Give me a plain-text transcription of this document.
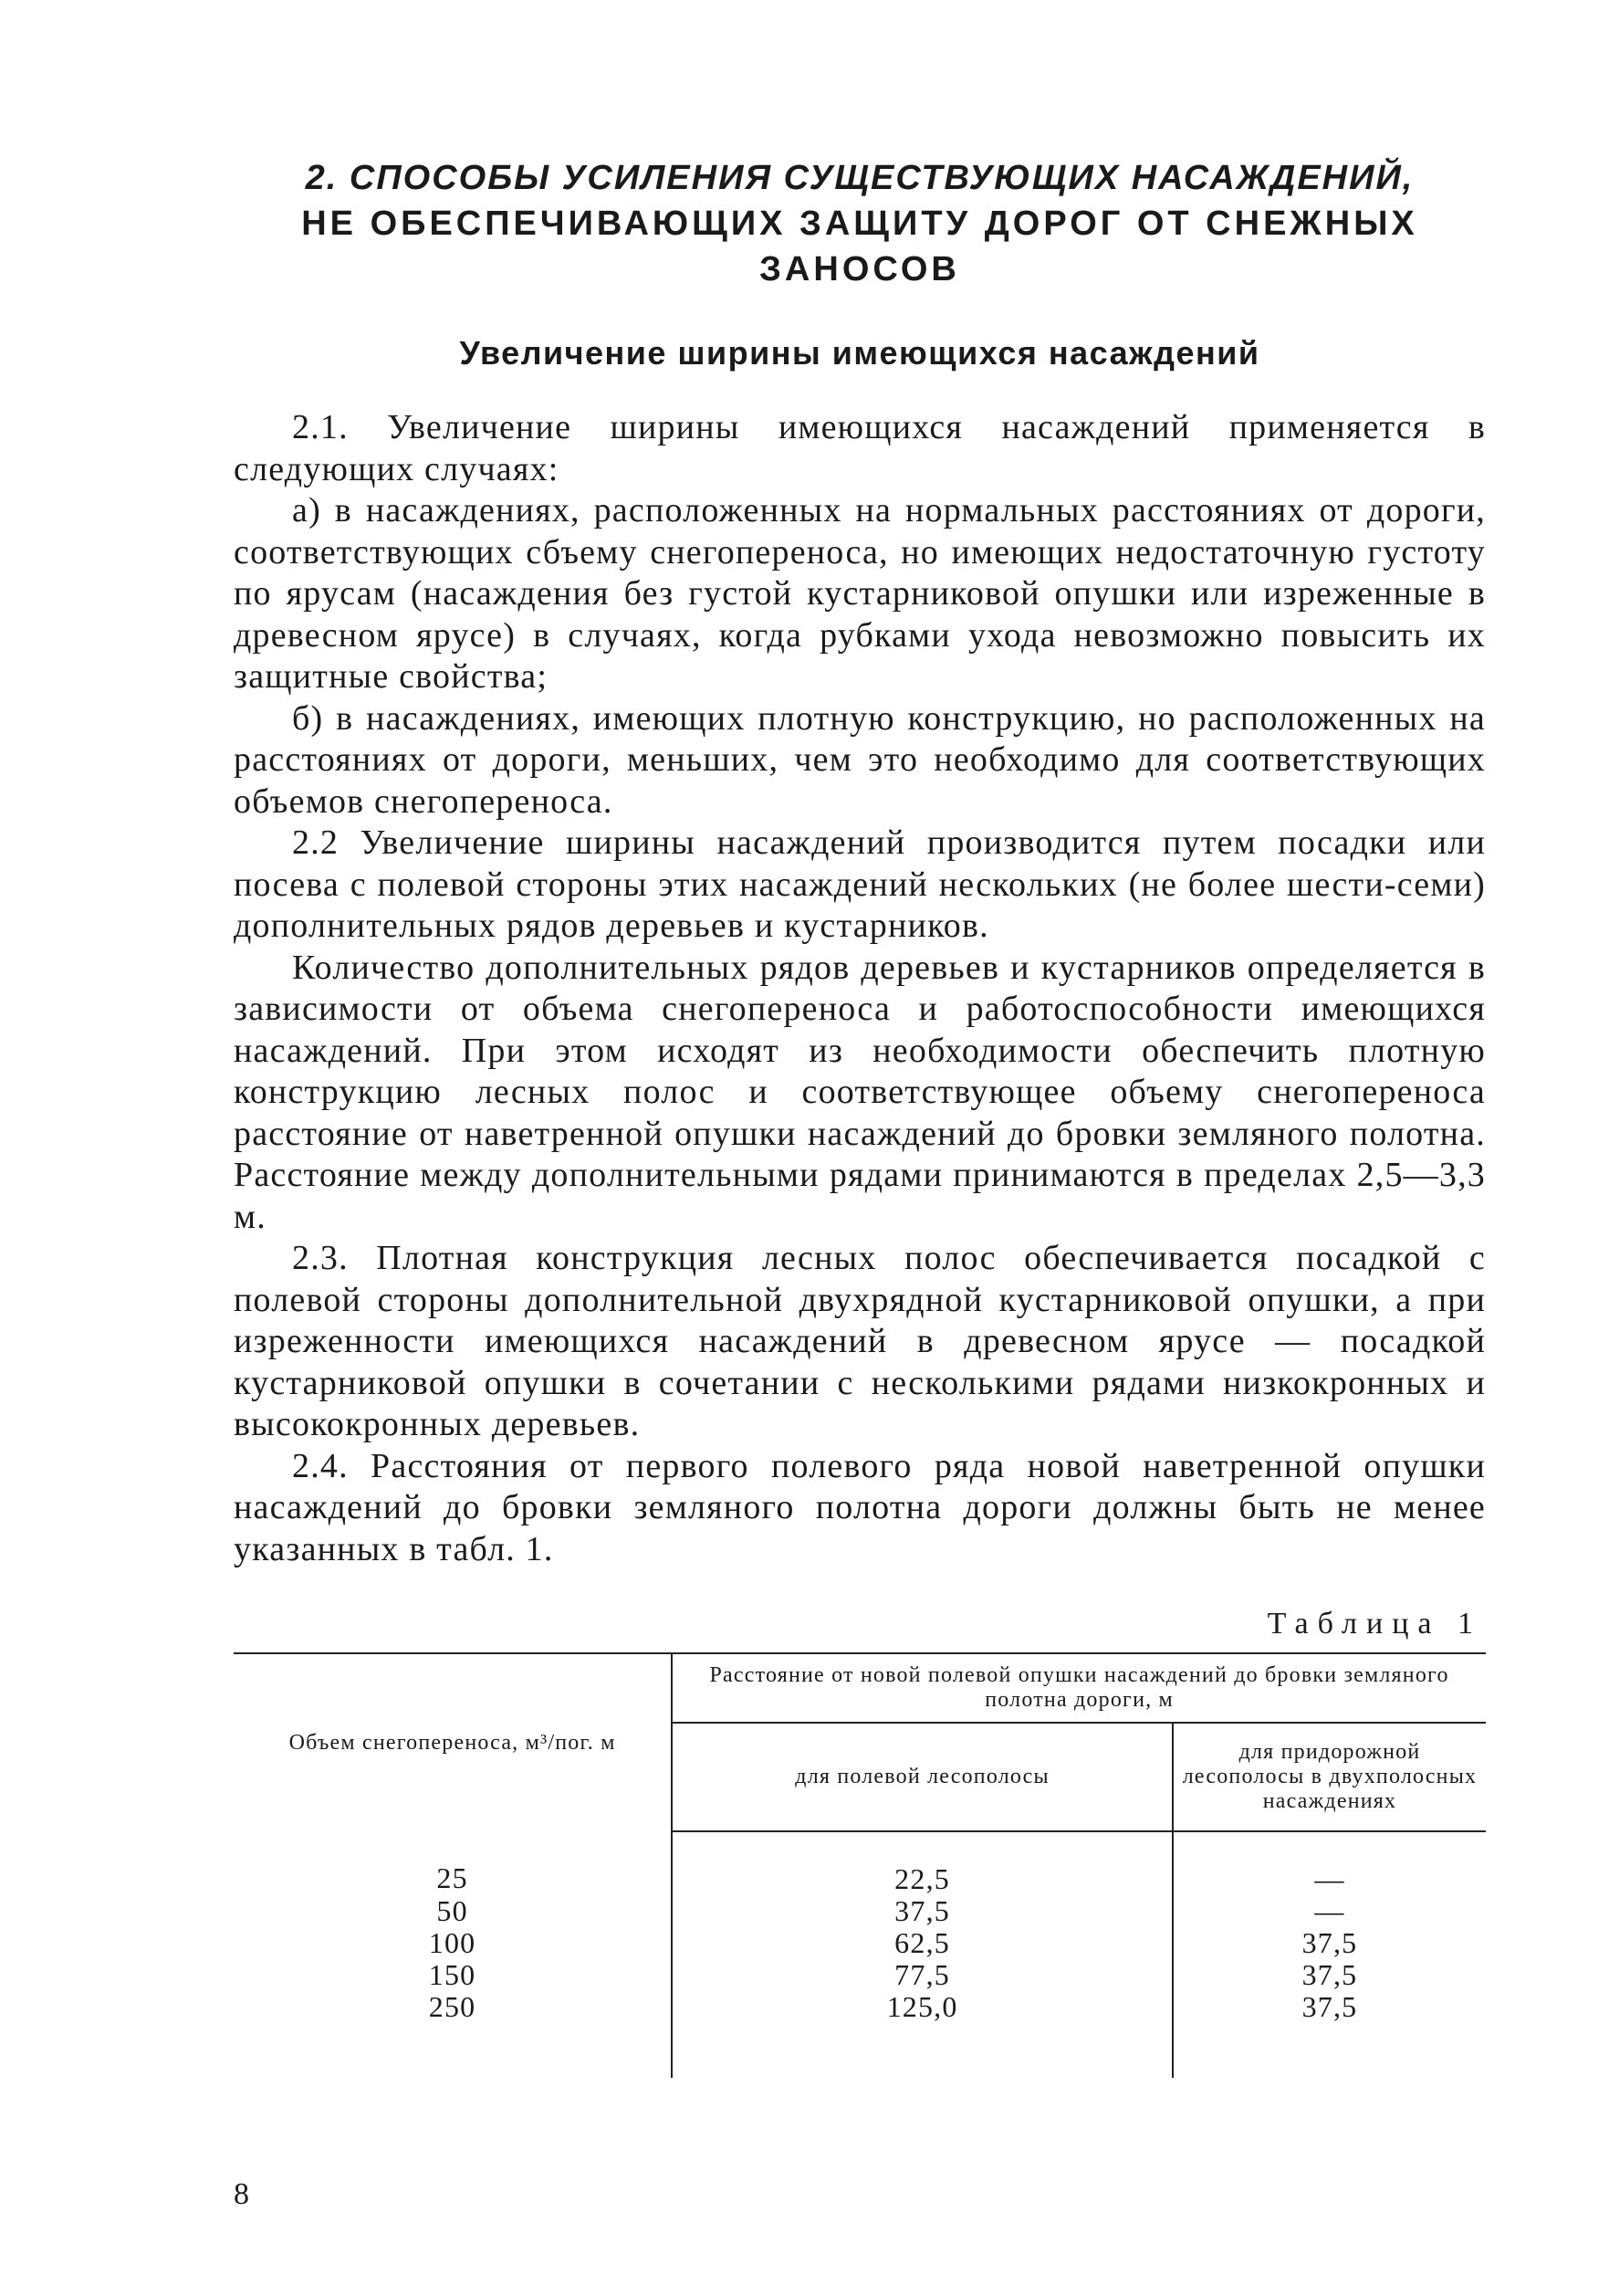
2. СПОСОБЫ УСИЛЕНИЯ СУЩЕСТВУЮЩИХ НАСАЖДЕНИЙ,
НЕ ОБЕСПЕЧИВАЮЩИХ ЗАЩИТУ ДОРОГ ОТ СНЕЖНЫХ ЗАНОСОВ
Увеличение ширины имеющихся насаждений

2.1. Увеличение ширины имеющихся насаждений применяется в следующих случаях:

а) в насаждениях, расположенных на нормальных расстояниях от дороги, соответствующих сбъему снегопереноса, но имеющих недостаточную густоту по ярусам (насаждения без густой кустарниковой опушки или изреженные в древесном ярусе) в случаях, когда рубками ухода невозможно повысить их защитные свойства;

б) в насаждениях, имеющих плотную конструкцию, но расположенных на расстояниях от дороги, меньших, чем это необходимо для соответствующих объемов снегопереноса.

2.2 Увеличение ширины насаждений производится путем посадки или посева с полевой стороны этих насаждений нескольких (не более шести-семи) дополнительных рядов деревьев и кустарников.

Количество дополнительных рядов деревьев и кустарников определяется в зависимости от объема снегопереноса и работоспособности имеющихся насаждений. При этом исходят из необходимости обеспечить плотную конструкцию лесных полос и соответствующее объему снегопереноса расстояние от наветренной опушки насаждений до бровки земляного полотна. Расстояние между дополнительными рядами принимаются в пределах 2,5—3,3 м.

2.3. Плотная конструкция лесных полос обеспечивается посадкой с полевой стороны дополнительной двухрядной кустарниковой опушки, а при изреженности имеющихся насаждений в древесном ярусе — посадкой кустарниковой опушки в сочетании с несколькими рядами низкокронных и высококронных деревьев.

2.4. Расстояния от первого полевого ряда новой наветренной опушки насаждений до бровки земляного полотна дороги должны быть не менее указанных в табл. 1.

Таблица 1
Объем снегопереноса, м³/пог. м	Расстояние от новой полевой опушки насаждений до бровки земляного полотна дороги, м	
	для полевой лесополосы	для придорожной лесополосы в двухполосных насаждениях
25	22,5	—
50	37,5	—
100	62,5	37,5
150	77,5	37,5
250	125,0	37,5
8
